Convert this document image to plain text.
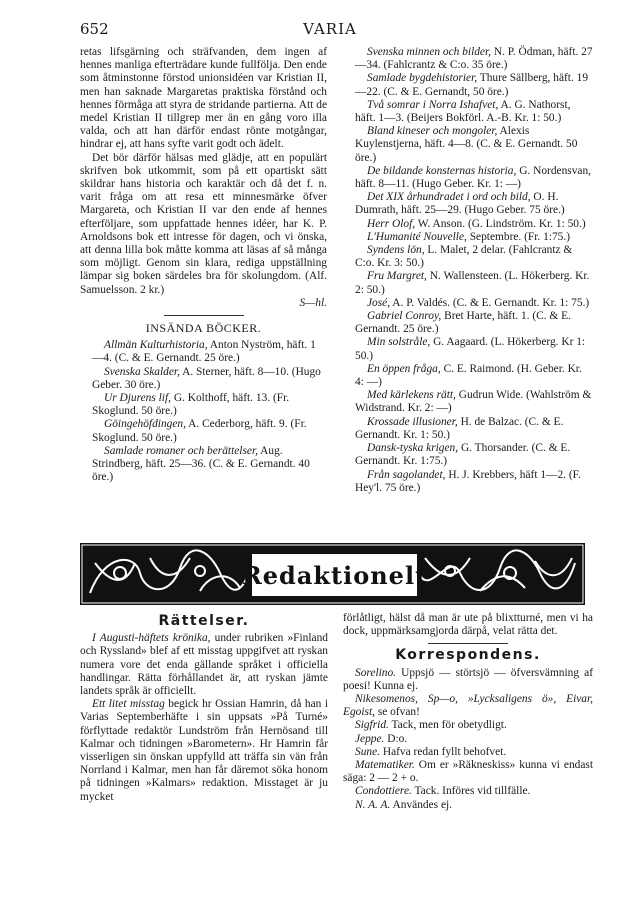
652	VARIA

retas lifsgärning och sträfvanden, dem ingen af hennes manliga efterträdare kunde fullfölja. Den ende som åtminstonne förstod unionsidéen var Kristian II, men han saknade Margaretas praktiska förstånd och hennes förmåga att styra de stridande partierna. Att de medel Kristian II tillgrep mer än en gång voro illa valda, och att han därför endast rönte motgångar, hindrar ej, att hans syfte varit godt och ädelt.

Det bör därför hälsas med glädje, att en populärt skrifven bok utkommit, som på ett opartiskt sätt skildrar hans historia och karaktär och då det f. n. varit fråga om att resa ett minnesmärke öfver Margareta, och Kristian II var den ende af hennes efterföljare, som uppfattade hennes idéer, har K. P. Arnoldsons bok ett intresse för dagen, och vi önska, att denna lilla bok måtte komma att läsas af så många som möjligt. Genom sin klara, rediga uppställning lämpar sig boken särdeles bra för skolungdom. (Alf. Samuelsson. 2 kr.)

S—hl.

INSÄNDA BÖCKER.

Allmän Kulturhistoria, Anton Nyström, häft. 1—4. (C. & E. Gernandt. 25 öre.)

Svenska Skalder, A. Sterner, häft. 8—10. (Hugo Geber. 30 öre.)

Ur Djurens lif, G. Kolthoff, häft. 13. (Fr. Skoglund. 50 öre.)

Göingehöfdingen, A. Cederborg, häft. 9. (Fr. Skoglund. 50 öre.)

Samlade romaner och berättelser, Aug. Strindberg, häft. 25—36. (C. & E. Gernandt. 40 öre.)

Svenska minnen och bilder, N. P. Ödman, häft. 27—34. (Fahlcrantz & C:o. 35 öre.)

Samlade bygdehistorier, Thure Sällberg, häft. 19—22. (C. & E. Gernandt, 50 öre.)

Två somrar i Norra Ishafvet, A. G. Nathorst, häft. 1—3. (Beijers Bokförl. A.-B. Kr. 1: 50.)

Bland kineser och mongoler, Alexis Kuylenstjerna, häft. 4—8. (C. & E. Gernandt. 50 öre.)

De bildande konsternas historia, G. Nordensvan, häft. 8—11. (Hugo Geber. Kr. 1: —)

Det XIX århundradet i ord och bild, O. H. Dumrath, häft. 25—29. (Hugo Geber. 75 öre.)

Herr Olof, W. Anson. (G. Lindström. Kr. 1: 50.)

L'Humanité Nouvelle, Septembre. (Fr. 1:75.)

Syndens lön, L. Malet, 2 delar. (Fahlcrantz & C:o. Kr. 3: 50.)

Fru Margret, N. Wallensteen. (L. Hökerberg. Kr. 2: 50.)

José, A. P. Valdés. (C. & E. Gernandt. Kr. 1: 75.)

Gabriel Conroy, Bret Harte, häft. 1. (C. & E. Gernandt. 25 öre.)

Min solstråle, G. Aagaard. (L. Hökerberg. Kr 1: 50.)

En öppen fråga, C. E. Raimond. (H. Geber. Kr. 4: —)

Med kärlekens rätt, Gudrun Wide. (Wahlström & Widstrand. Kr. 2: —)

Krossade illusioner, H. de Balzac. (C. & E. Gernandt. Kr. 1: 50.)

Dansk-tyska krigen, G. Thorsander. (C. & E. Gernandt. Kr. 1:75.)

Från sagolandet, H. J. Krebbers, häft 1—2. (F. Hey'l. 75 öre.)

Redaktionelt
Rättelser.

I Augusti-häftets krönika, under rubriken »Finland och Ryssland» blef af ett misstag uppgifvet att ryskan numera vore det enda gällande språket i officiella handlingar. Rätta förhållandet är, att ryskan jämte landets språk är officiellt.

Ett litet misstag begick hr Ossian Hamrin, då han i Varias Septemberhäfte i sin uppsats »På Turné» förflyttade redaktör Lundström från Hernösand till Kalmar och tidningen »Barometern». Hr Hamrin får visserligen sin önskan uppfylld att träffa sin vän från Norrland i Kalmar, men han får däremot söka honom på tidningen »Kalmars» redaktion. Misstaget är ju mycket

förlåtligt, hälst då man är ute på blixtturné, men vi ha dock, uppmärksamgjorda därpå, velat rätta det.

Korrespondens.

Sorelino. Uppsjö — störtsjö — öfversvämning af poesi! Kunna ej.

Nikesomenos, Sp—o, »Lycksaligens ö», Eivar, Egoist, se ofvan!

Sigfrid. Tack, men för obetydligt.

Jeppe. D:o.

Sune. Hafva redan fyllt behofvet.

Matematiker. Om er »Räkneskiss» kunna vi endast säga: 2 — 2 + o.

Condottiere. Tack. Införes vid tillfälle.

N. A. A. Användes ej.
